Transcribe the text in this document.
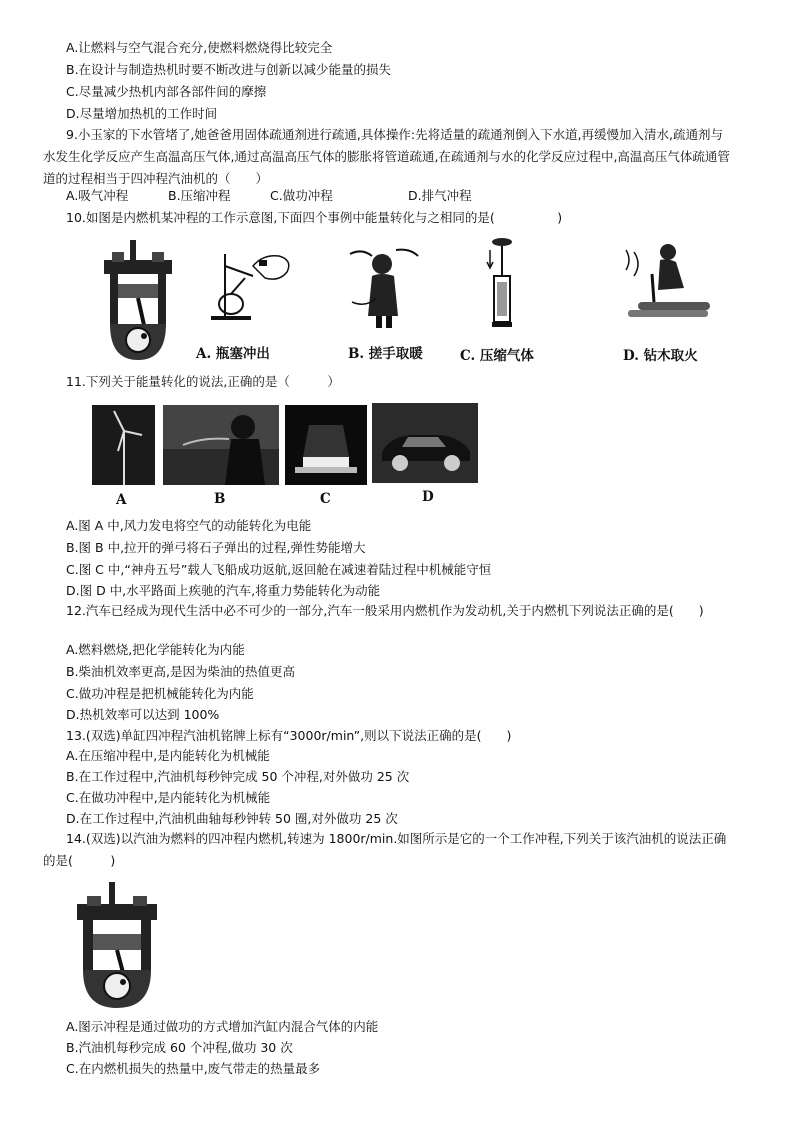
A.让燃料与空气混合充分,使燃料燃烧得比较完全
B.在设计与制造热机时要不断改进与创新以减少能量的损失
C.尽量减少热机内部各部件间的摩擦
D.尽量增加热机的工作时间
9.小玉家的下水管堵了,她爸爸用固体疏通剂进行疏通,具体操作:先将适量的疏通剂倒入下水道,再缓慢加入清水,疏通剂与水发生化学反应产生高温高压气体,通过高温高压气体的膨胀将管道疏通,在疏通剂与水的化学反应过程中,高温高压气体疏通管道的过程相当于四冲程汽油机的（　　）
A.吸气冲程	B.压缩冲程	C.做功冲程	D.排气冲程
10.如图是内燃机某冲程的工作示意图,下面四个事例中能量转化与之相同的是(　　　　　)
A. 瓶塞冲出	B. 搓手取暖	C. 压缩气体	D. 钻木取火
11.下列关于能量转化的说法,正确的是（　　　）
A	B	C	D
A.图 A 中,风力发电将空气的动能转化为电能
B.图 B 中,拉开的弹弓将石子弹出的过程,弹性势能增大
C.图 C 中,“神舟五号”载人飞船成功返航,返回舱在减速着陆过程中机械能守恒
D.图 D 中,水平路面上疾驰的汽车,将重力势能转化为动能
12.汽车已经成为现代生活中必不可少的一部分,汽车一般采用内燃机作为发动机,关于内燃机下列说法正确的是(　　)
A.燃料燃烧,把化学能转化为内能
B.柴油机效率更高,是因为柴油的热值更高
C.做功冲程是把机械能转化为内能
D.热机效率可以达到 100%
13.(双选)单缸四冲程汽油机铭牌上标有“3000r/min”,则以下说法正确的是(　　)
A.在压缩冲程中,是内能转化为机械能
B.在工作过程中,汽油机每秒钟完成 50 个冲程,对外做功 25 次
C.在做功冲程中,是内能转化为机械能
D.在工作过程中,汽油机曲轴每秒钟转 50 圈,对外做功 25 次
14.(双选)以汽油为燃料的四冲程内燃机,转速为 1800r/min.如图所示是它的一个工作冲程,下列关于该汽油机的说法正确的是(　　　)
A.图示冲程是通过做功的方式增加汽缸内混合气体的内能
B.汽油机每秒完成 60 个冲程,做功 30 次
C.在内燃机损失的热量中,废气带走的热量最多
